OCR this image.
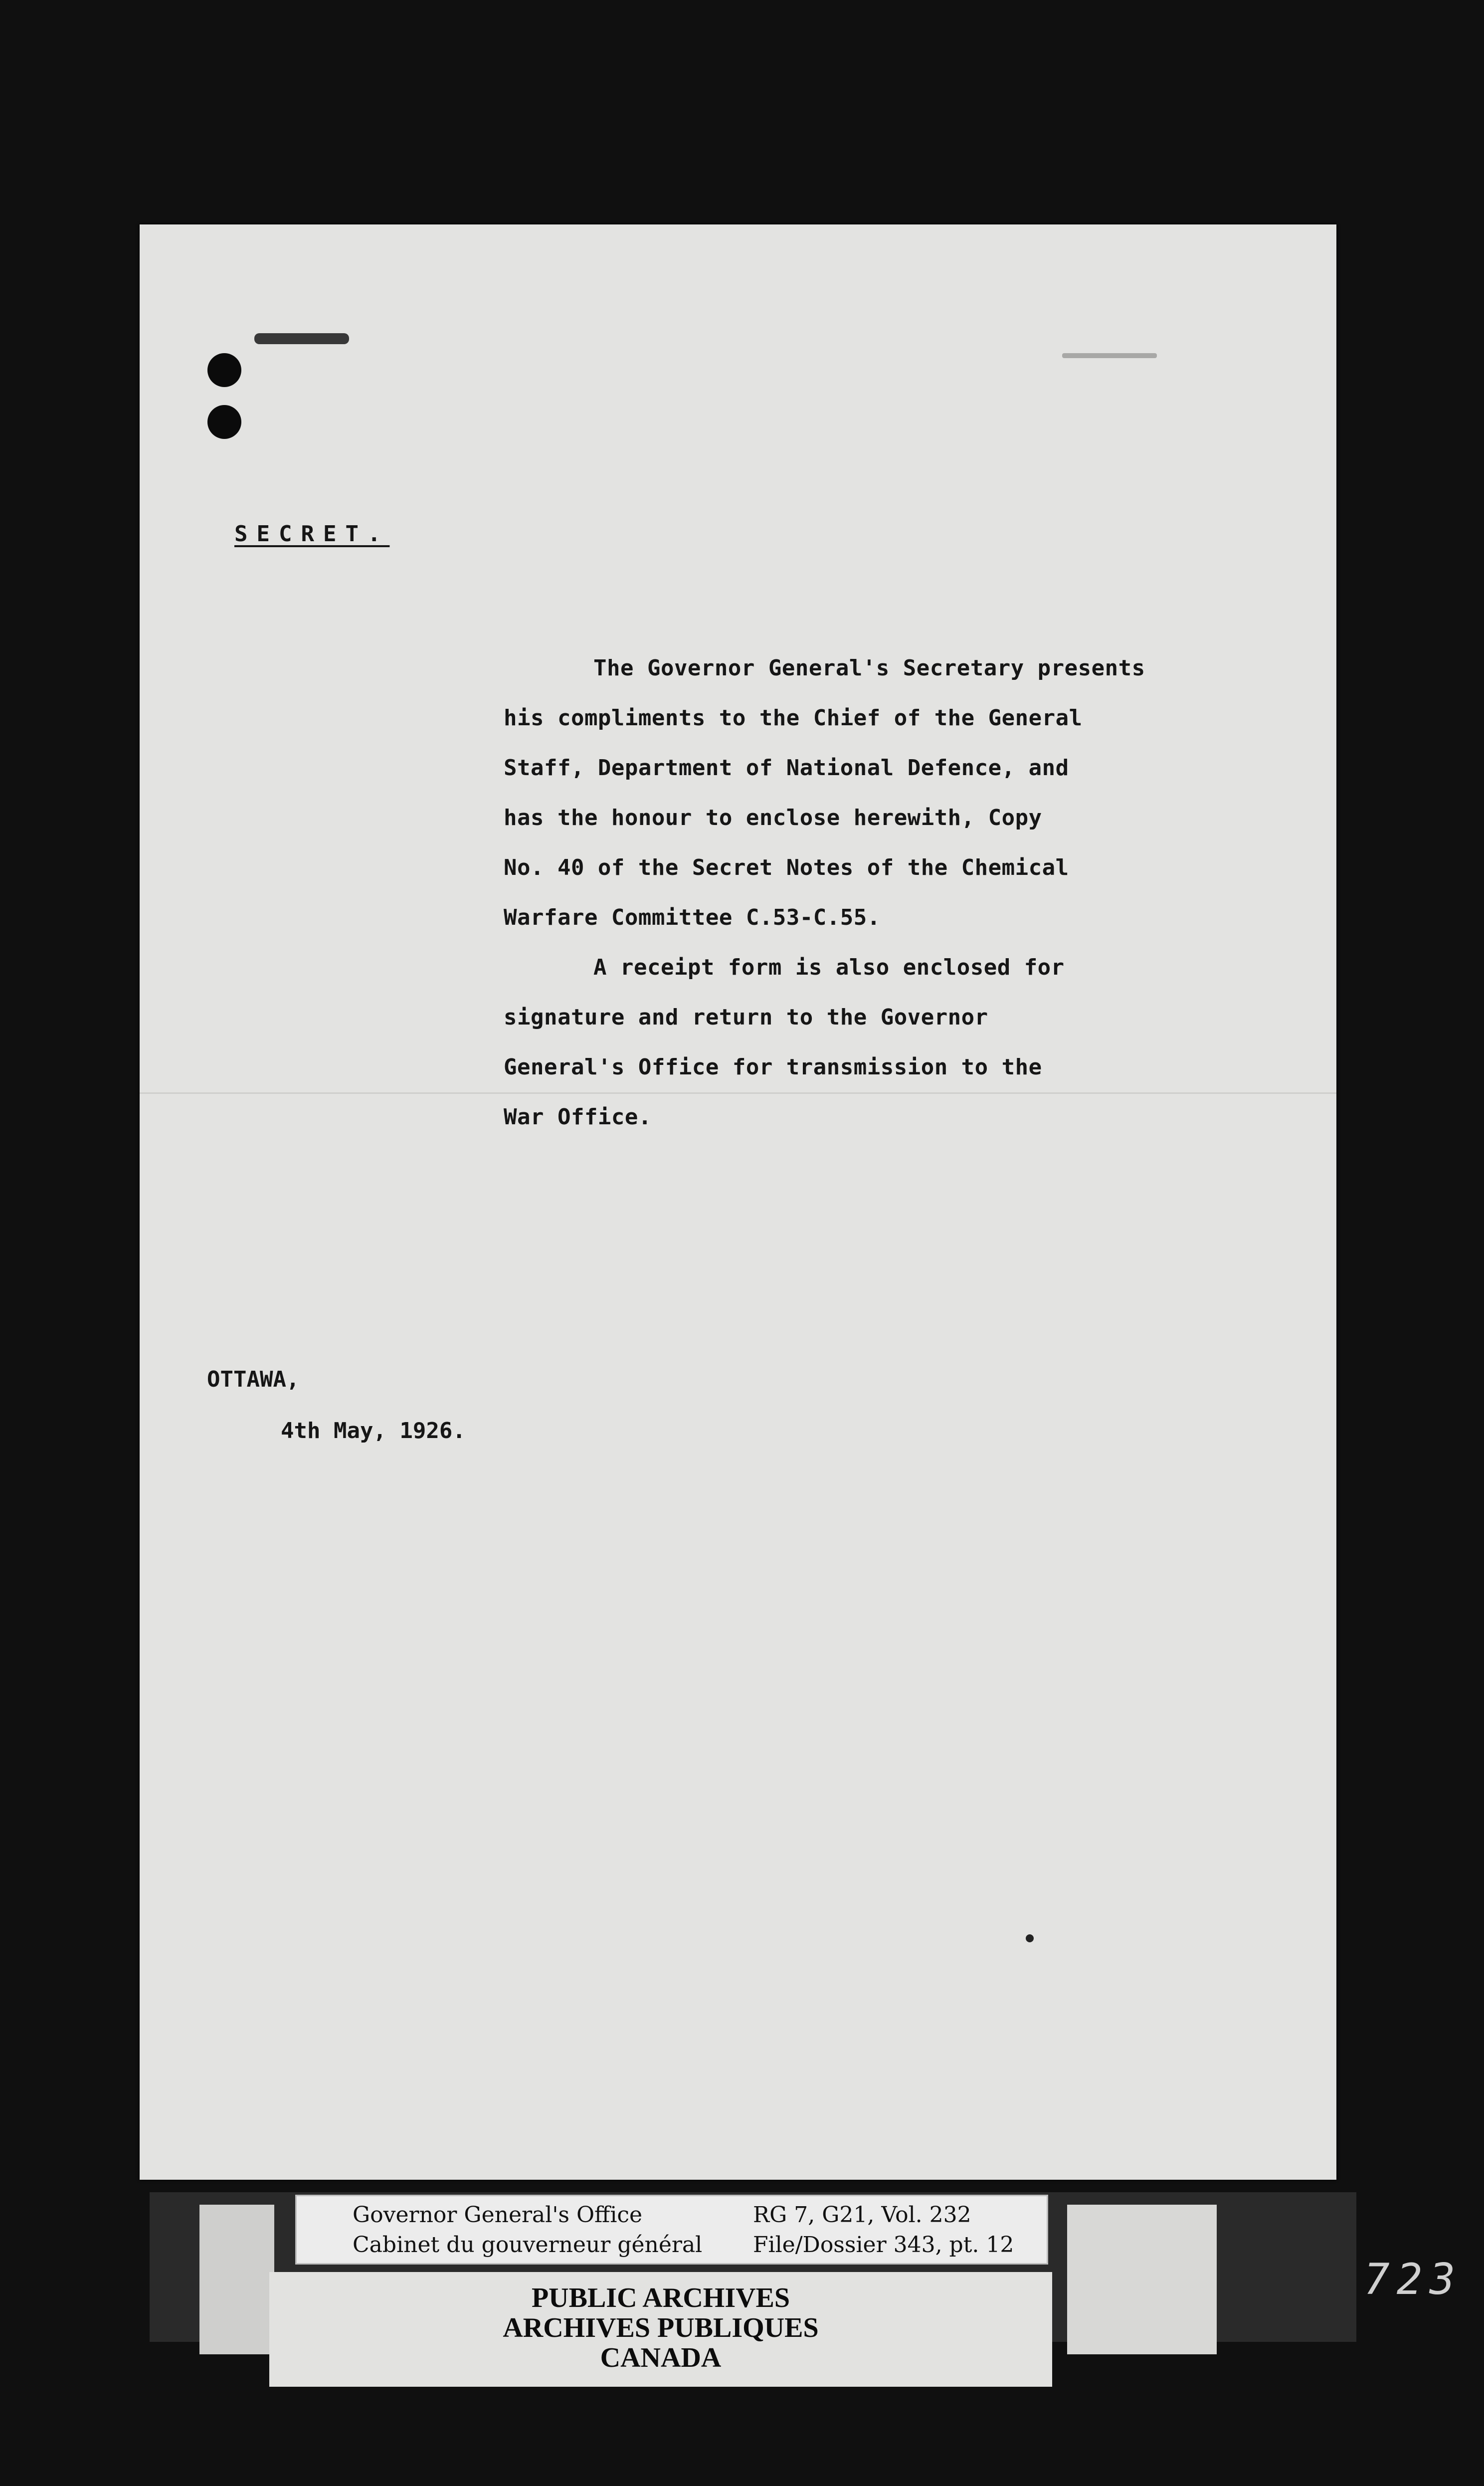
SECRET.
The Governor General's Secretary presents
his compliments to the Chief of the General
Staff, Department of National Defence, and
has the honour to enclose herewith, Copy
No. 40 of the Secret Notes of the Chemical
Warfare Committee C.53-C.55.
A receipt form is also enclosed for
signature and return to the Governor
General's Office for transmission to the
War Office.
OTTAWA,
4th May, 1926.
Governor General's Office
Cabinet du gouverneur général
RG 7, G21, Vol. 232
File/Dossier 343, pt. 12
PUBLIC ARCHIVES
ARCHIVES PUBLIQUES
CANADA
723
